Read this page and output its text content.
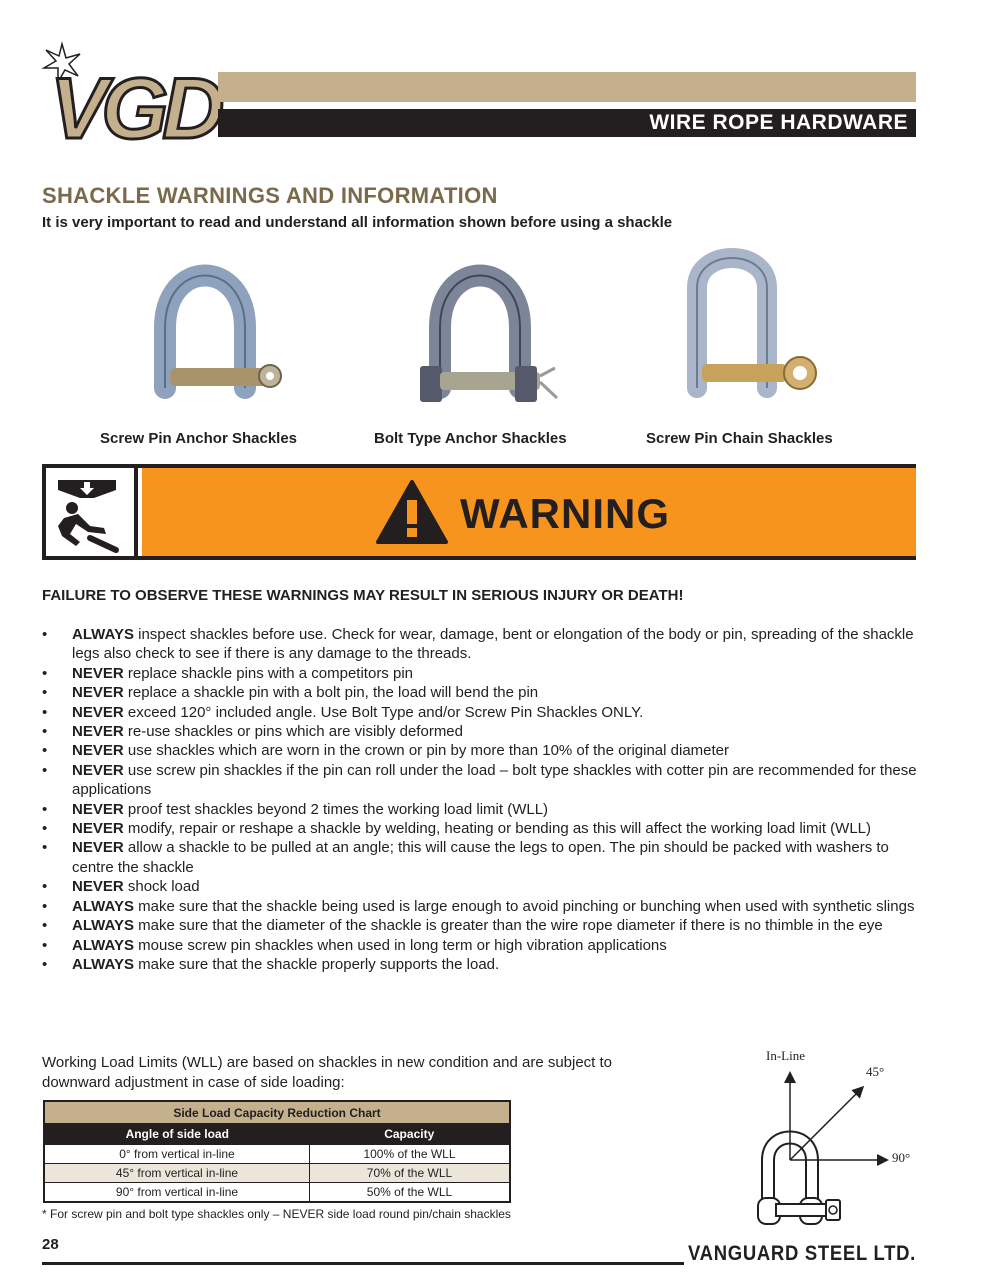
VGD	WIRE ROPE HARDWARE
SHACKLE WARNINGS AND INFORMATION
It is very important to read and understand all information shown before using a shackle
Screw Pin Anchor Shackles	Bolt Type Anchor Shackles	Screw Pin Chain Shackles
WARNING
FAILURE TO OBSERVE THESE WARNINGS MAY RESULT IN SERIOUS INJURY OR DEATH!
• ALWAYS inspect shackles before use. Check for wear, damage, bent or elongation of the body or pin, spreading of the shackle legs also check to see if there is any damage to the threads.
• NEVER replace shackle pins with a competitors pin
• NEVER replace a shackle pin with a bolt pin, the load will bend the pin
• NEVER exceed 120° included angle. Use Bolt Type and/or Screw Pin Shackles ONLY.
• NEVER re-use shackles or pins which are visibly deformed
• NEVER use shackles which are worn in the crown or pin by more than 10% of the original diameter
• NEVER use screw pin shackles if the pin can roll under the load – bolt type shackles with cotter pin are recommended for these applications
• NEVER proof test shackles beyond 2 times the working load limit (WLL)
• NEVER modify, repair or reshape a shackle by welding, heating or bending as this will affect the working load limit (WLL)
• NEVER allow a shackle to be pulled at an angle; this will cause the legs to open. The pin should be packed with washers to centre the shackle
• NEVER shock load
• ALWAYS make sure that the shackle being used is large enough to avoid pinching or bunching when used with synthetic slings
• ALWAYS make sure that the diameter of the shackle is greater than the wire rope diameter if there is no thimble in the eye
• ALWAYS mouse screw pin shackles when used in long term or high vibration applications
• ALWAYS make sure that the shackle properly supports the load.
Working Load Limits (WLL) are based on shackles in new condition and are subject to downward adjustment in case of side loading:
Side Load Capacity Reduction Chart	
Angle of side load	Capacity
0° from vertical in-line	100% of the WLL
45° from vertical in-line	70% of the WLL
90° from vertical in-line	50% of the WLL
* For screw pin and bolt type shackles only – NEVER side load round pin/chain shackles
In-Line
45°
90°
28	VANGUARD STEEL LTD.
